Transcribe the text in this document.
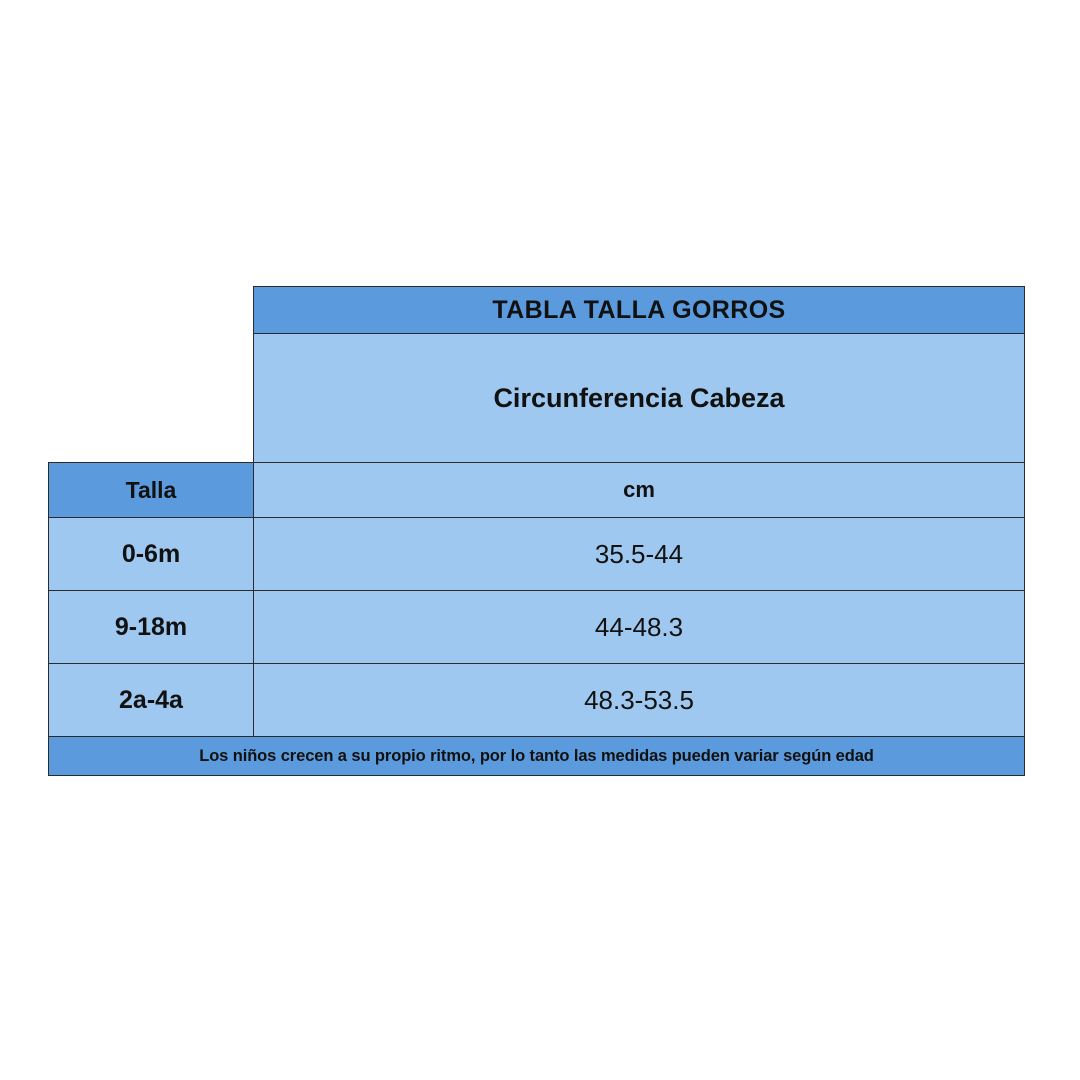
	TABLA TALLA GORROS
	Circunferencia Cabeza
Talla	cm
0-6m	35.5-44
9-18m	44-48.3
2a-4a	48.3-53.5
Los niños crecen a su propio ritmo, por lo tanto las medidas pueden variar según edad	
